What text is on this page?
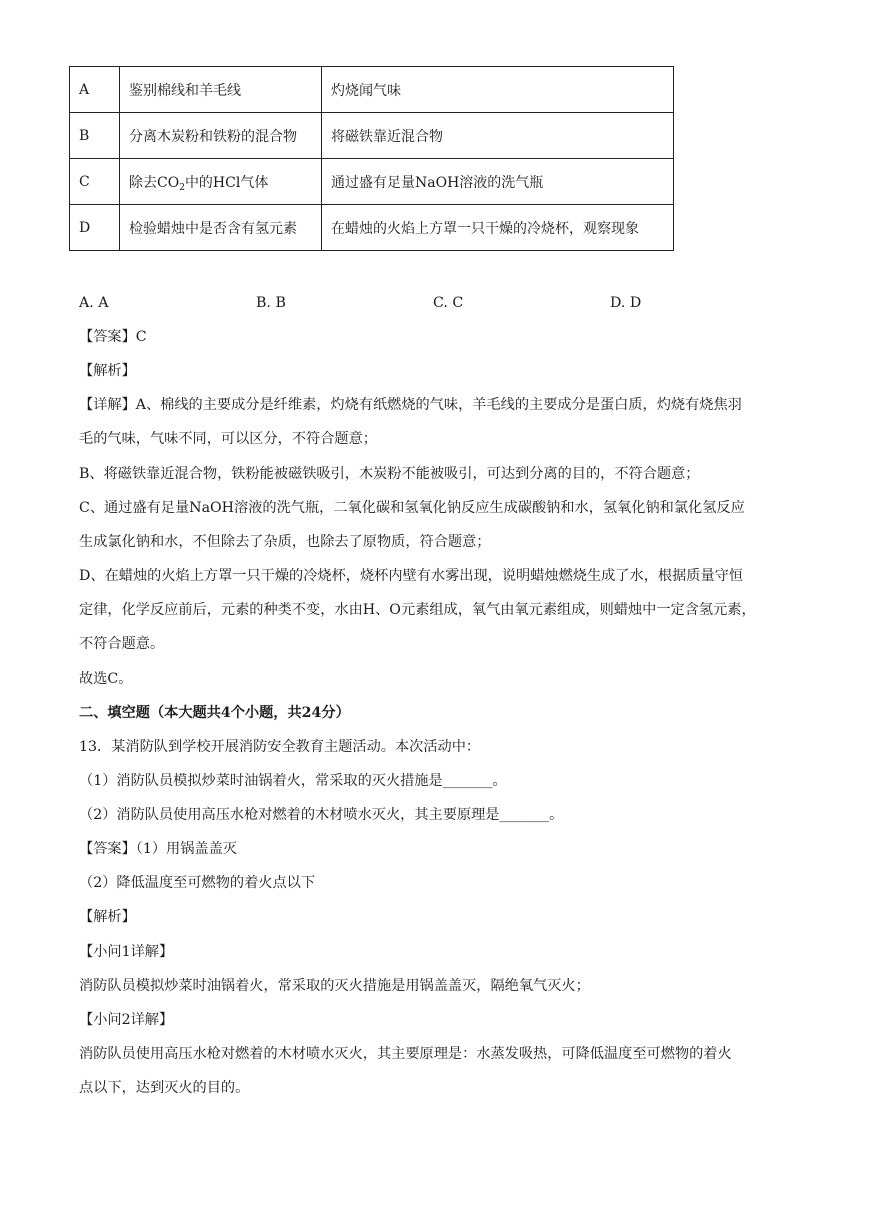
A	鉴别棉线和羊毛线	灼烧闻气味
B	分离木炭粉和铁粉的混合物	将磁铁靠近混合物
C	除去$CO_2$中的HCl气体	通过盛有足量NaOH溶液的洗气瓶
D	检验蜡烛中是否含有氢元素	在蜡烛的火焰上方罩一只干燥的冷烧杯，观察现象
A. A	B. B	C. C	D. D
【答案】C
【解析】
【详解】A、棉线的主要成分是纤维素，灼烧有纸燃烧的气味，羊毛线的主要成分是蛋白质，灼烧有烧焦羽
毛的气味，气味不同，可以区分，不符合题意；
B、将磁铁靠近混合物，铁粉能被磁铁吸引，木炭粉不能被吸引，可达到分离的目的，不符合题意；
C、通过盛有足量NaOH溶液的洗气瓶，二氧化碳和氢氧化钠反应生成碳酸钠和水，氢氧化钠和氯化氢反应
生成氯化钠和水，不但除去了杂质，也除去了原物质，符合题意；
D、在蜡烛的火焰上方罩一只干燥的冷烧杯，烧杯内壁有水雾出现，说明蜡烛燃烧生成了水，根据质量守恒
定律，化学反应前后，元素的种类不变，水由H、O元素组成，氧气由氧元素组成，则蜡烛中一定含氢元素，
不符合题意。
故选C。
二、填空题（本大题共4个小题，共24分）
13．某消防队到学校开展消防安全教育主题活动。本次活动中：
（1）消防队员模拟炒菜时油锅着火，常采取的灭火措施是_______。
（2）消防队员使用高压水枪对燃着的木材喷水灭火，其主要原理是_______。
【答案】（1）用锅盖盖灭
（2）降低温度至可燃物的着火点以下
【解析】
【小问1详解】
消防队员模拟炒菜时油锅着火，常采取的灭火措施是用锅盖盖灭，隔绝氧气灭火；
【小问2详解】
消防队员使用高压水枪对燃着的木材喷水灭火，其主要原理是：水蒸发吸热，可降低温度至可燃物的着火
点以下，达到灭火的目的。
